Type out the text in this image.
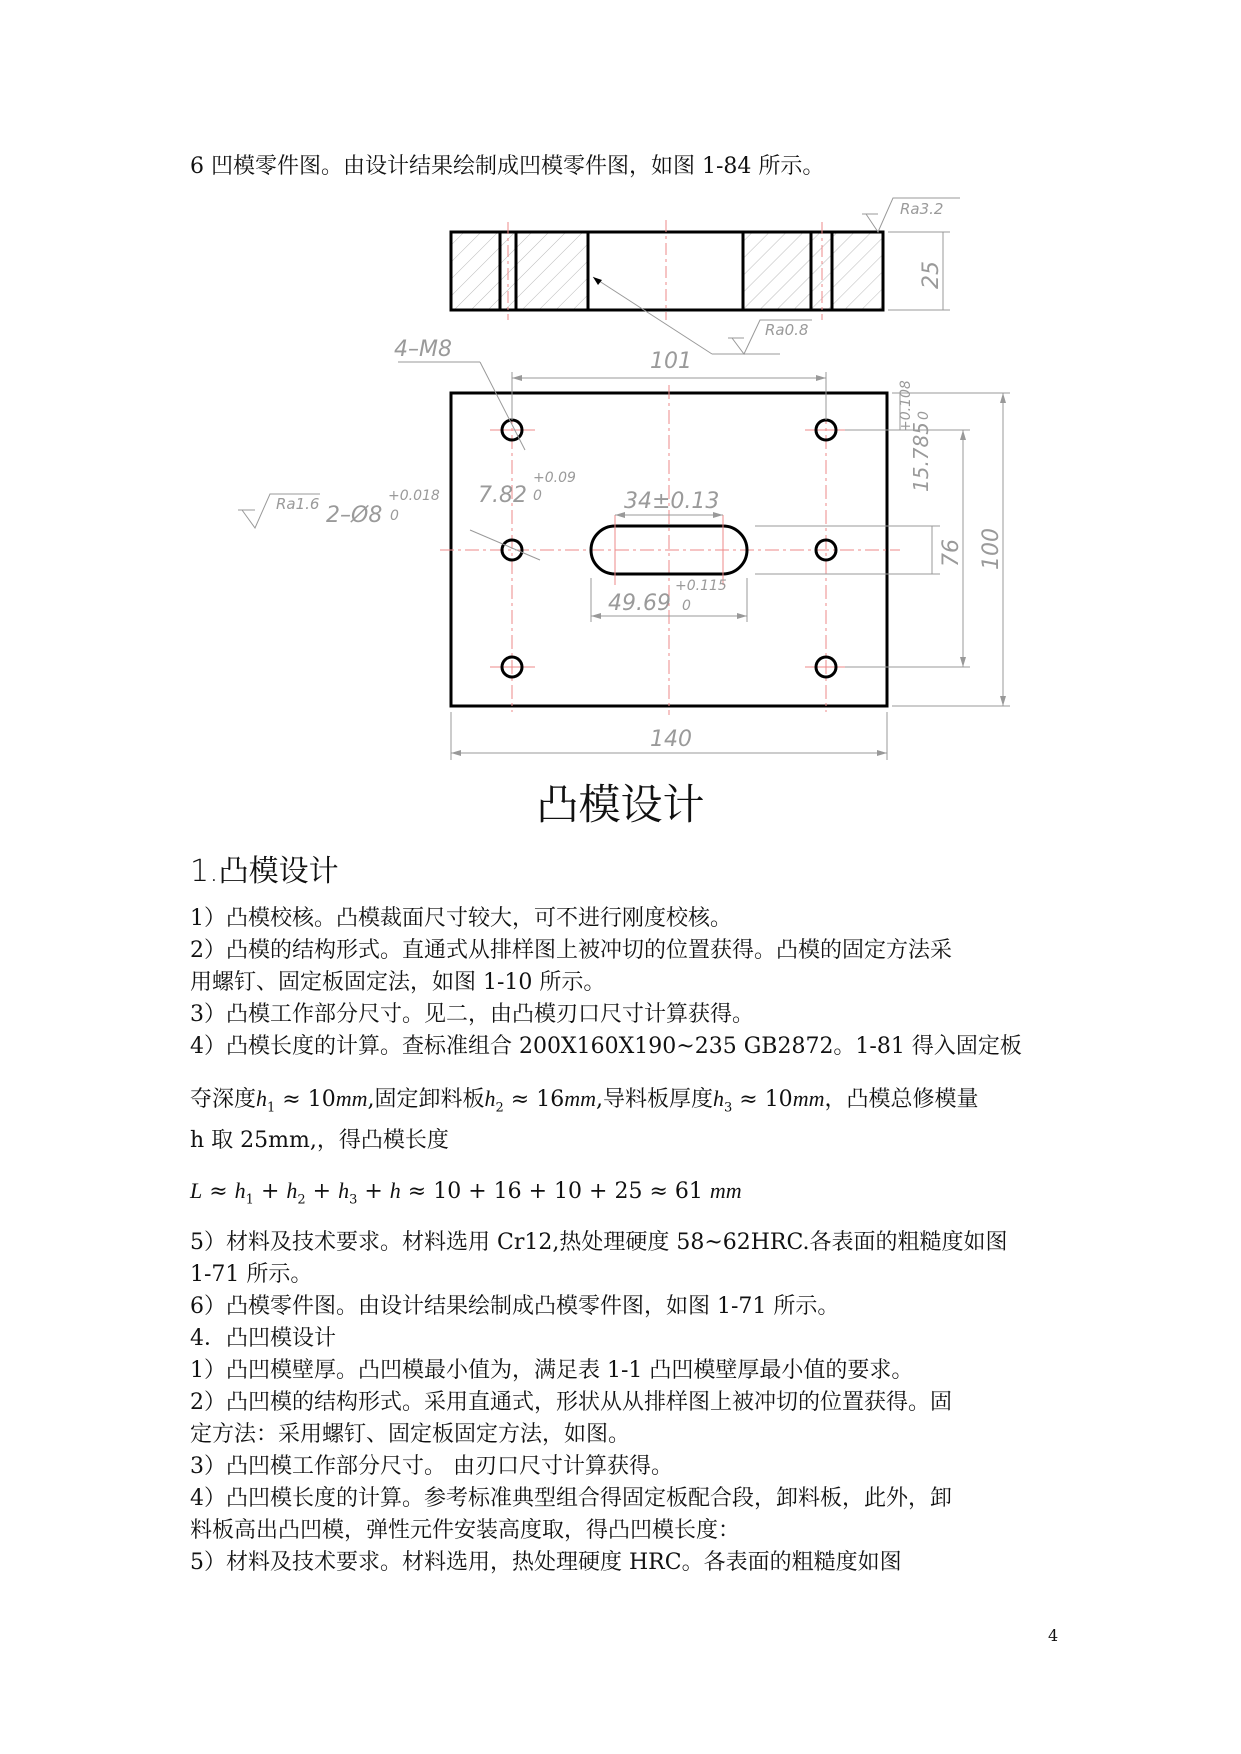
6 凹模零件图。由设计结果绘制成凹模零件图，如图 1-84 所示。
25
Ra3.2
Ra0.8
4–M8	101
76 100
15.785
+0.108 0
7.82
+0.09
0
Ra1.6 2–Ø8
+0.018
0
34±0.13
49.69
+0.115
0
140
凸模设计
1.凸模设计
1）凸模校核。凸模裁面尺寸较大，可不进行刚度校核。
2）凸模的结构形式。直通式从排样图上被冲切的位置获得。凸模的固定方法采
用螺钉、固定板固定法，如图 1-10 所示。
3）凸模工作部分尺寸。见二，由凸模刃口尺寸计算获得。
4）凸模长度的计算。查标准组合 200X160X190~235 GB2872。1-81 得入固定板
夺深度$h_1 \approx 10mm$,固定卸料板$h_2 \approx 16mm$,导料板厚度$h_3 \approx 10mm$，凸模总修模量
h 取 25mm,，得凸模长度
$L \approx h_1 + h_2 + h_3 + h \approx 10 + 16 + 10 + 25 \approx 61$ mm
5）材料及技术要求。材料选用 Cr12,热处理硬度 58~62HRC.各表面的粗糙度如图
1-71 所示。
6）凸模零件图。由设计结果绘制成凸模零件图，如图 1-71 所示。
4．凸凹模设计
1）凸凹模壁厚。凸凹模最小值为，满足表 1-1 凸凹模壁厚最小值的要求。
2）凸凹模的结构形式。采用直通式，形状从从排样图上被冲切的位置获得。固
定方法：采用螺钉、固定板固定方法，如图。
3）凸凹模工作部分尺寸。 由刃口尺寸计算获得。
4）凸凹模长度的计算。参考标准典型组合得固定板配合段，卸料板，此外，卸
料板高出凸凹模，弹性元件安装高度取，得凸凹模长度：
5）材料及技术要求。材料选用，热处理硬度 HRC。各表面的粗糙度如图
4
